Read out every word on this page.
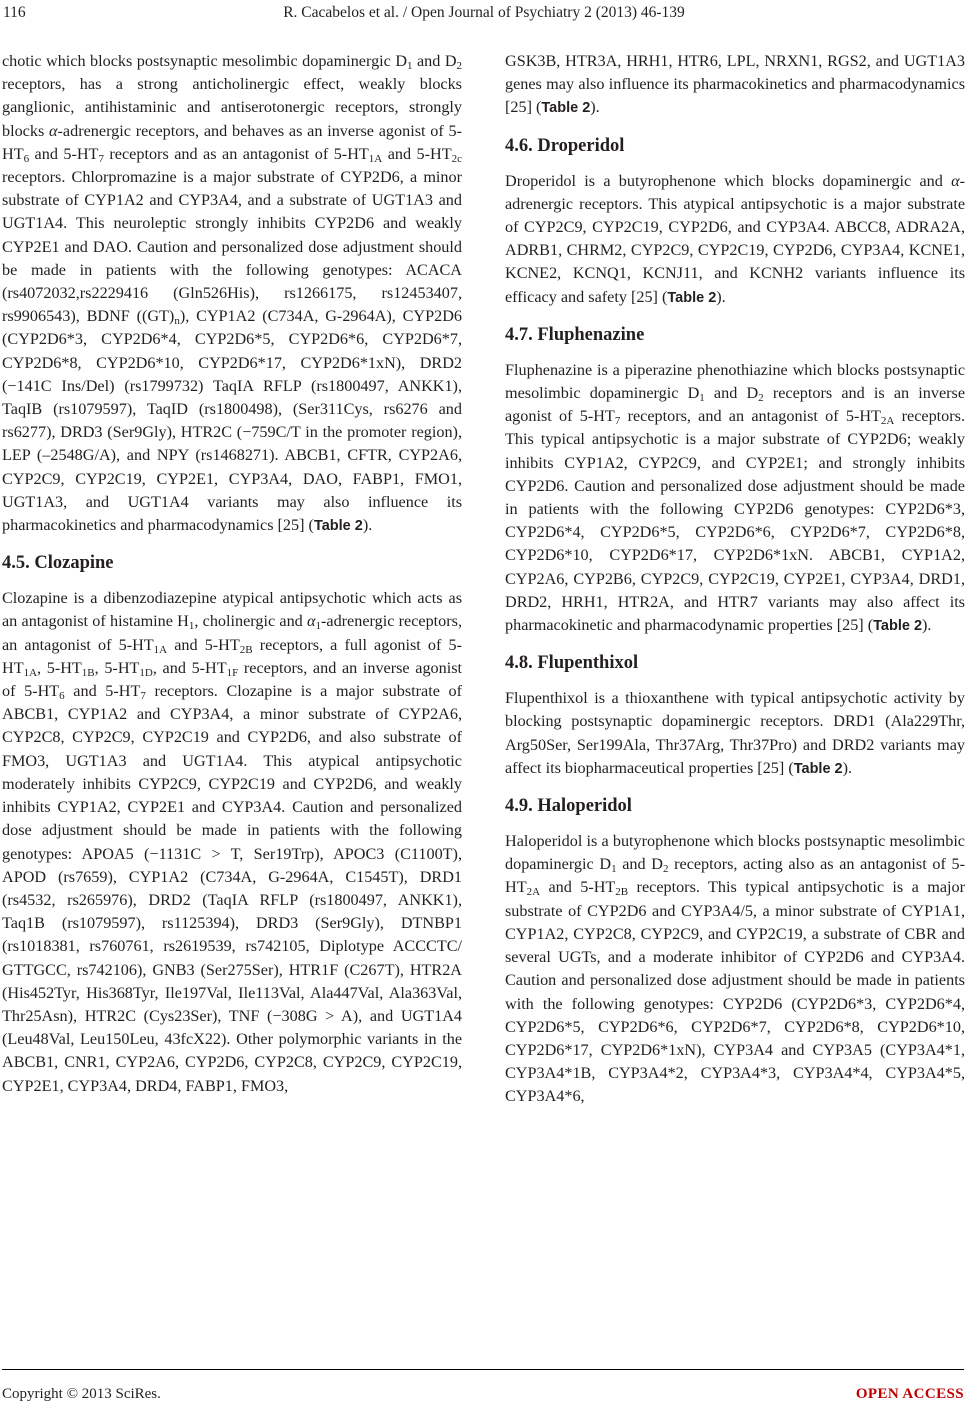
116	R. Cacabelos et al. / Open Journal of Psychiatry 2 (2013) 46-139

chotic which blocks postsynaptic mesolimbic dopaminergic $D_1$ and $D_2$ receptors, has a strong anticholinergic effect, weakly blocks ganglionic, antihistaminic and antiserotonergic receptors, strongly blocks α-adrenergic receptors, and behaves as an inverse agonist of $5-HT_6$ and $5-HT_7$ receptors and as an antagonist of $5-HT_{1A}$ and $5-HT_{2c}$ receptors. Chlorpromazine is a major substrate of CYP2D6, a minor substrate of CYP1A2 and CYP3A4, and a substrate of UGT1A3 and UGT1A4. This neuroleptic strongly inhibits CYP2D6 and weakly CYP2E1 and DAO. Caution and personalized dose adjustment should be made in patients with the following genotypes: ACACA (rs4072032,rs2229416 (Gln526His), rs1266175, rs12453407, rs9906543), BDNF $((GT)_n)$, CYP1A2 (C734A, G-2964A), CYP2D6 (CYP2D6*3, CYP2D6*4, CYP2D6*5, CYP2D6*6, CYP2D6*7, CYP2D6*8, CYP2D6*10, CYP2D6*17, CYP2D6*1xN), DRD2 (−141C Ins/Del) (rs1799732) TaqIA RFLP (rs1800497, ANKK1), TaqIB (rs1079597), TaqID (rs1800498), (Ser311Cys, rs6276 and rs6277), DRD3 (Ser9Gly), HTR2C (−759C/T in the promoter region), LEP (–2548G/A), and NPY (rs1468271). ABCB1, CFTR, CYP2A6, CYP2C9, CYP2C19, CYP2E1, CYP3A4, DAO, FABP1, FMO1, UGT1A3, and UGT1A4 variants may also influence its pharmacokinetics and pharmacodynamics [25] (Table 2).

4.5. Clozapine

Clozapine is a dibenzodiazepine atypical antipsychotic which acts as an antagonist of histamine $H_1$, cholinergic and $\alpha_1$-adrenergic receptors, an antagonist of $5-HT_{1A}$ and $5-HT_{2B}$ receptors, a full agonist of $5-HT_{1A}$, $5-HT_{1B}$, $5-HT_{1D}$, and $5-HT_{1F}$ receptors, and an inverse agonist of $5-HT_6$ and $5-HT_7$ receptors. Clozapine is a major substrate of ABCB1, CYP1A2 and CYP3A4, a minor substrate of CYP2A6, CYP2C8, CYP2C9, CYP2C19 and CYP2D6, and also substrate of FMO3, UGT1A3 and UGT1A4. This atypical antipsychotic moderately inhibits CYP2C9, CYP2C19 and CYP2D6, and weakly inhibits CYP1A2, CYP2E1 and CYP3A4. Caution and personalized dose adjustment should be made in patients with the following genotypes: APOA5 (−1131C > T, Ser19Trp), APOC3 (C1100T), APOD (rs7659), CYP1A2 (C734A, G-2964A, C1545T), DRD1 (rs4532, rs265976), DRD2 (TaqIA RFLP (rs1800497, ANKK1), Taq1B (rs1079597), rs1125394), DRD3 (Ser9Gly), DTNBP1 (rs1018381, rs760761, rs2619539, rs742105, Diplotype ACCCTC/ GTTGCC, rs742106), GNB3 (Ser275Ser), HTR1F (C267T), HTR2A (His452Tyr, His368Tyr, Ile197Val, Ile113Val, Ala447Val, Ala363Val, Thr25Asn), HTR2C (Cys23Ser), TNF (−308G > A), and UGT1A4 (Leu48Val, Leu150Leu, 43fcX22). Other polymorphic variants in the ABCB1, CNR1, CYP2A6, CYP2D6, CYP2C8, CYP2C9, CYP2C19, CYP2E1, CYP3A4, DRD4, FABP1, FMO3,

GSK3B, HTR3A, HRH1, HTR6, LPL, NRXN1, RGS2, and UGT1A3 genes may also influence its pharmacokinetics and pharmacodynamics [25] (Table 2).

4.6. Droperidol

Droperidol is a butyrophenone which blocks dopaminergic and α-adrenergic receptors. This atypical antipsychotic is a major substrate of CYP2C9, CYP2C19, CYP2D6, and CYP3A4. ABCC8, ADRA2A, ADRB1, CHRM2, CYP2C9, CYP2C19, CYP2D6, CYP3A4, KCNE1, KCNE2, KCNQ1, KCNJ11, and KCNH2 variants influence its efficacy and safety [25] (Table 2).

4.7. Fluphenazine

Fluphenazine is a piperazine phenothiazine which blocks postsynaptic mesolimbic dopaminergic $D_1$ and $D_2$ receptors and is an inverse agonist of $5-HT_7$ receptors, and an antagonist of $5-HT_{2A}$ receptors. This typical antipsychotic is a major substrate of CYP2D6; weakly inhibits CYP1A2, CYP2C9, and CYP2E1; and strongly inhibits CYP2D6. Caution and personalized dose adjustment should be made in patients with the following CYP2D6 genotypes: CYP2D6*3, CYP2D6*4, CYP2D6*5, CYP2D6*6, CYP2D6*7, CYP2D6*8, CYP2D6*10, CYP2D6*17, CYP2D6*1xN. ABCB1, CYP1A2, CYP2A6, CYP2B6, CYP2C9, CYP2C19, CYP2E1, CYP3A4, DRD1, DRD2, HRH1, HTR2A, and HTR7 variants may also affect its pharmacokinetic and pharmacodynamic properties [25] (Table 2).

4.8. Flupenthixol

Flupenthixol is a thioxanthene with typical antipsychotic activity by blocking postsynaptic dopaminergic receptors. DRD1 (Ala229Thr, Arg50Ser, Ser199Ala, Thr37Arg, Thr37Pro) and DRD2 variants may affect its biopharmaceutical properties [25] (Table 2).

4.9. Haloperidol

Haloperidol is a butyrophenone which blocks postsynaptic mesolimbic dopaminergic $D_1$ and $D_2$ receptors, acting also as an antagonist of $5-HT_{2A}$ and $5-HT_{2B}$ receptors. This typical antipsychotic is a major substrate of CYP2D6 and CYP3A4/5, a minor substrate of CYP1A1, CYP1A2, CYP2C8, CYP2C9, and CYP2C19, a substrate of CBR and several UGTs, and a moderate inhibitor of CYP2D6 and CYP3A4. Caution and personalized dose adjustment should be made in patients with the following genotypes: CYP2D6 (CYP2D6*3, CYP2D6*4, CYP2D6*5, CYP2D6*6, CYP2D6*7, CYP2D6*8, CYP2D6*10, CYP2D6*17, CYP2D6*1xN), CYP3A4 and CYP3A5 (CYP3A4*1, CYP3A4*1B, CYP3A4*2, CYP3A4*3, CYP3A4*4, CYP3A4*5, CYP3A4*6,

Copyright © 2013 SciRes.	OPEN ACCESS
